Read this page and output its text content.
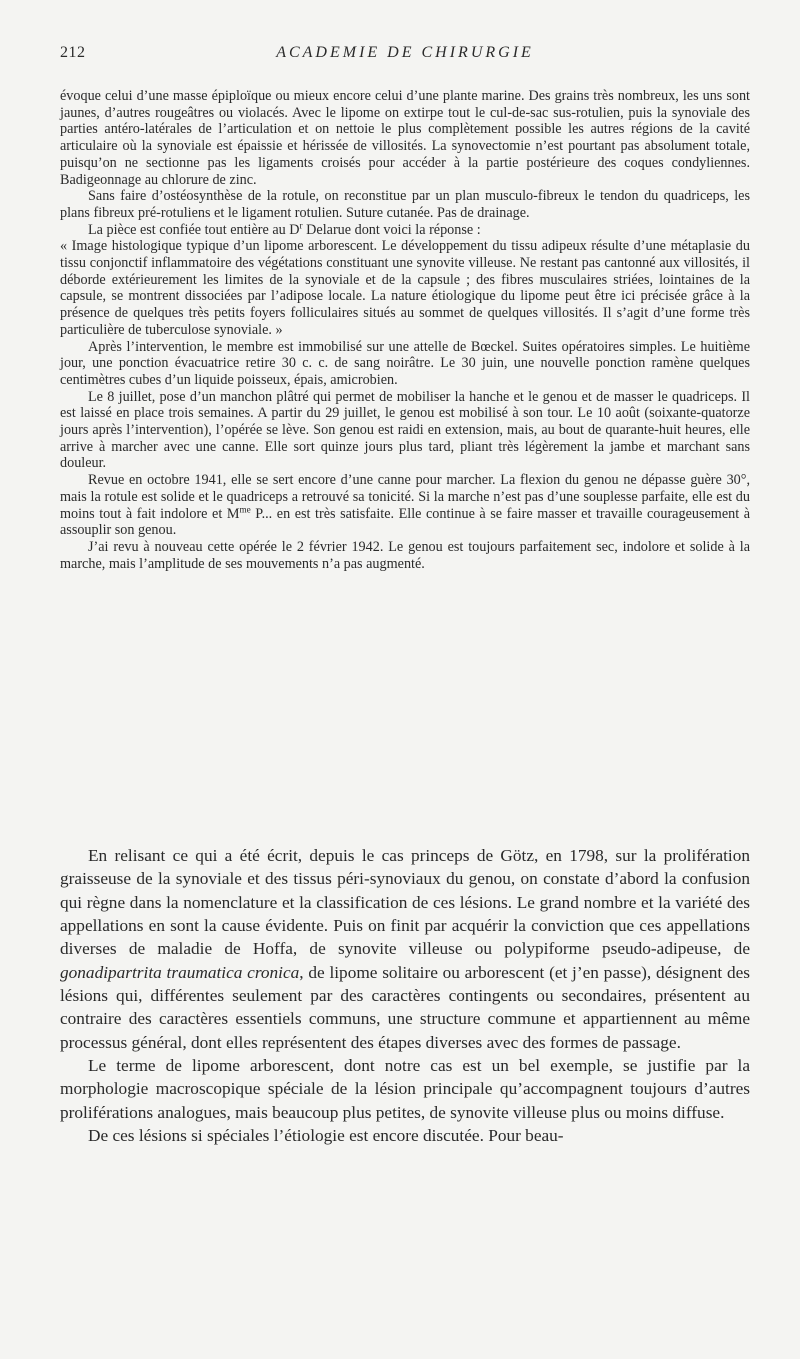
212	ACADEMIE DE CHIRURGIE

évoque celui d’une masse épiploïque ou mieux encore celui d’une plante marine. Des grains très nombreux, les uns sont jaunes, d’autres rougeâtres ou violacés. Avec le lipome on extirpe tout le cul-de-sac sus-rotulien, puis la synoviale des parties antéro-latérales de l’articulation et on nettoie le plus complètement possible les autres régions de la cavité articulaire où la synoviale est épaissie et hérissée de villosités. La synovectomie n’est pourtant pas absolument totale, puisqu’on ne sectionne pas les ligaments croisés pour accéder à la partie postérieure des coques condyliennes. Badigeonnage au chlorure de zinc.

Sans faire d’ostéosynthèse de la rotule, on reconstitue par un plan musculo-fibreux le tendon du quadriceps, les plans fibreux pré-rotuliens et le ligament rotulien. Suture cutanée. Pas de drainage.

La pièce est confiée tout entière au $D^r$ Delarue dont voici la réponse :

« Image histologique typique d’un lipome arborescent. Le développement du tissu adipeux résulte d’une métaplasie du tissu conjonctif inflammatoire des végétations constituant une synovite villeuse. Ne restant pas cantonné aux villosités, il déborde extérieurement les limites de la synoviale et de la capsule ; des fibres musculaires striées, lointaines de la capsule, se montrent dissociées par l’adipose locale. La nature étiologique du lipome peut être ici précisée grâce à la présence de quelques très petits foyers folliculaires situés au sommet de quelques villosités. Il s’agit d’une forme très particulière de tuberculose synoviale. »

Après l’intervention, le membre est immobilisé sur une attelle de Bœckel. Suites opératoires simples. Le huitième jour, une ponction évacuatrice retire 30 c. c. de sang noirâtre. Le 30 juin, une nouvelle ponction ramène quelques centimètres cubes d’un liquide poisseux, épais, amicrobien.

Le 8 juillet, pose d’un manchon plâtré qui permet de mobiliser la hanche et le genou et de masser le quadriceps. Il est laissé en place trois semaines. A partir du 29 juillet, le genou est mobilisé à son tour. Le 10 août (soixante-quatorze jours après l’intervention), l’opérée se lève. Son genou est raidi en extension, mais, au bout de quarante-huit heures, elle arrive à marcher avec une canne. Elle sort quinze jours plus tard, pliant très légèrement la jambe et marchant sans douleur.

Revue en octobre 1941, elle se sert encore d’une canne pour marcher. La flexion du genou ne dépasse guère 30°, mais la rotule est solide et le quadriceps a retrouvé sa tonicité. Si la marche n’est pas d’une souplesse parfaite, elle est du moins tout à fait indolore et $M^{me}$ P... en est très satisfaite. Elle continue à se faire masser et travaille courageusement à assouplir son genou.

J’ai revu à nouveau cette opérée le 2 février 1942. Le genou est toujours parfaitement sec, indolore et solide à la marche, mais l’amplitude de ses mouvements n’a pas augmenté.

En relisant ce qui a été écrit, depuis le cas princeps de Götz, en 1798, sur la prolifération graisseuse de la synoviale et des tissus péri-synoviaux du genou, on constate d’abord la confusion qui règne dans la nomenclature et la classification de ces lésions. Le grand nombre et la variété des appellations en sont la cause évidente. Puis on finit par acquérir la conviction que ces appellations diverses de maladie de Hoffa, de synovite villeuse ou polypiforme pseudo-adipeuse, de gonadipartrita traumatica cronica, de lipome solitaire ou arborescent (et j’en passe), désignent des lésions qui, différentes seulement par des caractères contingents ou secondaires, présentent au contraire des caractères essentiels communs, une structure commune et appartiennent au même processus général, dont elles représentent des étapes diverses avec des formes de passage.

Le terme de lipome arborescent, dont notre cas est un bel exemple, se justifie par la morphologie macroscopique spéciale de la lésion principale qu’accompagnent toujours d’autres proliférations analogues, mais beaucoup plus petites, de synovite villeuse plus ou moins diffuse.

De ces lésions si spéciales l’étiologie est encore discutée. Pour beau-
